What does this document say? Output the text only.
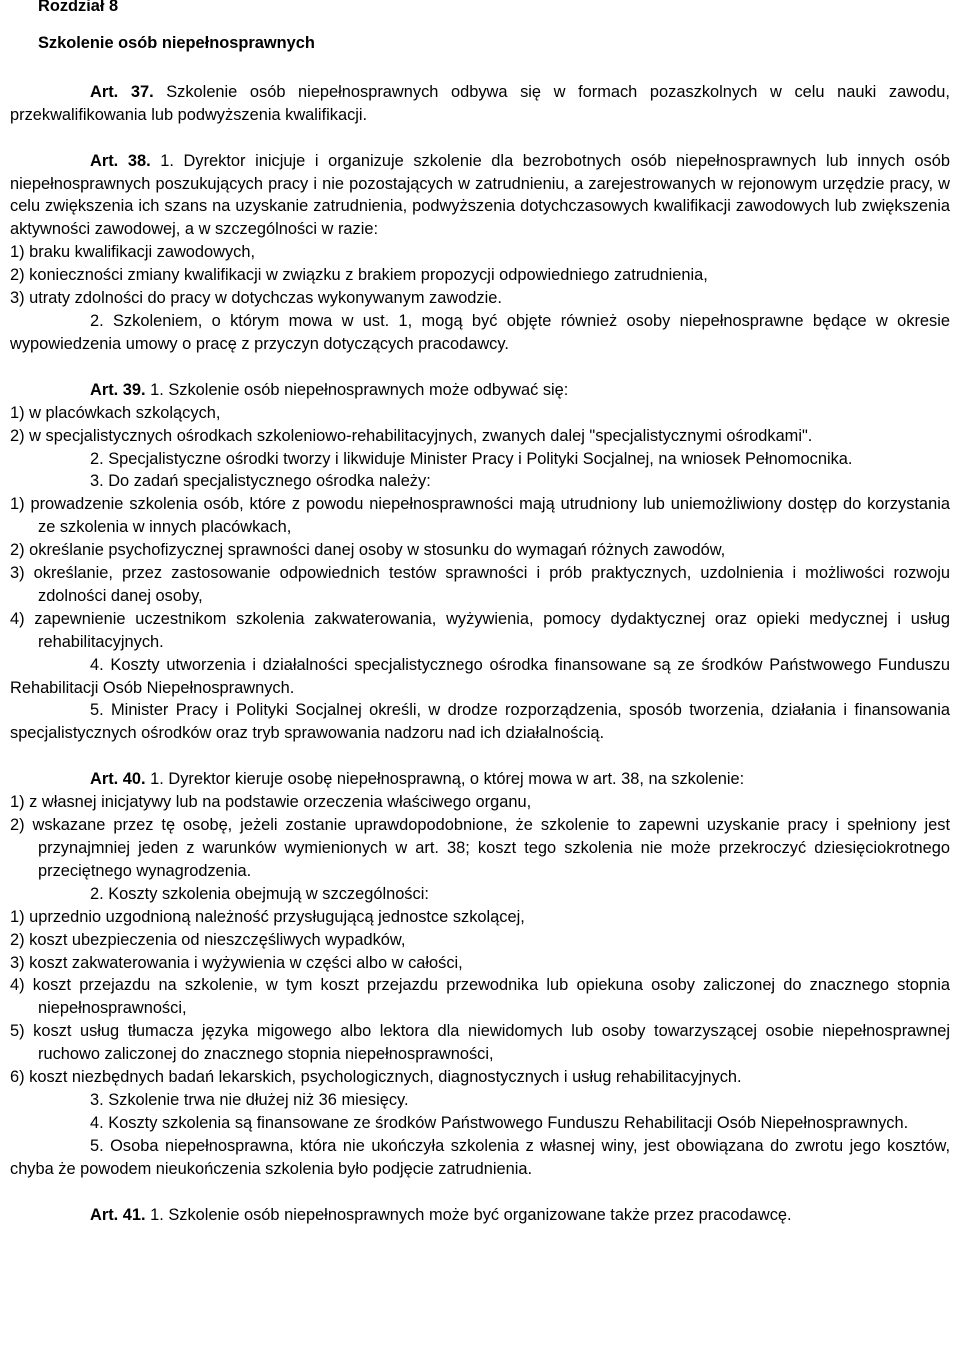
Rozdział 8

Szkolenie osób niepełnosprawnych

Art. 37. Szkolenie osób niepełnosprawnych odbywa się w formach pozaszkolnych w celu nauki zawodu, przekwalifikowania lub podwyższenia kwalifikacji.

Art. 38. 1. Dyrektor inicjuje i organizuje szkolenie dla bezrobotnych osób niepełnosprawnych lub innych osób niepełnosprawnych poszukujących pracy i nie pozostających w zatrudnieniu, a zarejestrowanych w rejonowym urzędzie pracy, w celu zwiększenia ich szans na uzyskanie zatrudnienia, podwyższenia dotychczasowych kwalifikacji zawodowych lub zwiększenia aktywności zawodowej, a w szczególności w razie:

1) braku kwalifikacji zawodowych,

2) konieczności zmiany kwalifikacji w związku z brakiem propozycji odpowiedniego zatrudnienia,

3) utraty zdolności do pracy w dotychczas wykonywanym zawodzie.

2. Szkoleniem, o którym mowa w ust. 1, mogą być objęte również osoby niepełnosprawne będące w okresie wypowiedzenia umowy o pracę z przyczyn dotyczących pracodawcy.

Art. 39. 1. Szkolenie osób niepełnosprawnych może odbywać się:

1) w placówkach szkolących,

2) w specjalistycznych ośrodkach szkoleniowo-rehabilitacyjnych, zwanych dalej "specjalistycznymi ośrodkami".

2. Specjalistyczne ośrodki tworzy i likwiduje Minister Pracy i Polityki Socjalnej, na wniosek Pełnomocnika.

3. Do zadań specjalistycznego ośrodka należy:

1) prowadzenie szkolenia osób, które z powodu niepełnosprawności mają utrudniony lub uniemożliwiony dostęp do korzystania ze szkolenia w innych placówkach,

2) określanie psychofizycznej sprawności danej osoby w stosunku do wymagań różnych zawodów,

3) określanie, przez zastosowanie odpowiednich testów sprawności i prób praktycznych, uzdolnienia i możliwości rozwoju zdolności danej osoby,

4) zapewnienie uczestnikom szkolenia zakwaterowania, wyżywienia, pomocy dydaktycznej oraz opieki medycznej i usług rehabilitacyjnych.

4. Koszty utworzenia i działalności specjalistycznego ośrodka finansowane są ze środków Państwowego Funduszu Rehabilitacji Osób Niepełnosprawnych.

5. Minister Pracy i Polityki Socjalnej określi, w drodze rozporządzenia, sposób tworzenia, działania i finansowania specjalistycznych ośrodków oraz tryb sprawowania nadzoru nad ich działalnością.

Art. 40. 1. Dyrektor kieruje osobę niepełnosprawną, o której mowa w art. 38, na szkolenie:

1) z własnej inicjatywy lub na podstawie orzeczenia właściwego organu,

2) wskazane przez tę osobę, jeżeli zostanie uprawdopodobnione, że szkolenie to zapewni uzyskanie pracy i spełniony jest przynajmniej jeden z warunków wymienionych w art. 38; koszt tego szkolenia nie może przekroczyć dziesięciokrotnego przeciętnego wynagrodzenia.

2. Koszty szkolenia obejmują w szczególności:

1) uprzednio uzgodnioną należność przysługującą jednostce szkolącej,

2) koszt ubezpieczenia od nieszczęśliwych wypadków,

3) koszt zakwaterowania i wyżywienia w części albo w całości,

4) koszt przejazdu na szkolenie, w tym koszt przejazdu przewodnika lub opiekuna osoby zaliczonej do znacznego stopnia niepełnosprawności,

5) koszt usług tłumacza języka migowego albo lektora dla niewidomych lub osoby towarzyszącej osobie niepełnosprawnej ruchowo zaliczonej do znacznego stopnia niepełnosprawności,

6) koszt niezbędnych badań lekarskich, psychologicznych, diagnostycznych i usług rehabilitacyjnych.

3. Szkolenie trwa nie dłużej niż 36 miesięcy.

4. Koszty szkolenia są finansowane ze środków Państwowego Funduszu Rehabilitacji Osób Niepełnosprawnych.

5. Osoba niepełnosprawna, która nie ukończyła szkolenia z własnej winy, jest obowiązana do zwrotu jego kosztów, chyba że powodem nieukończenia szkolenia było podjęcie zatrudnienia.

Art. 41. 1. Szkolenie osób niepełnosprawnych może być organizowane także przez pracodawcę.
